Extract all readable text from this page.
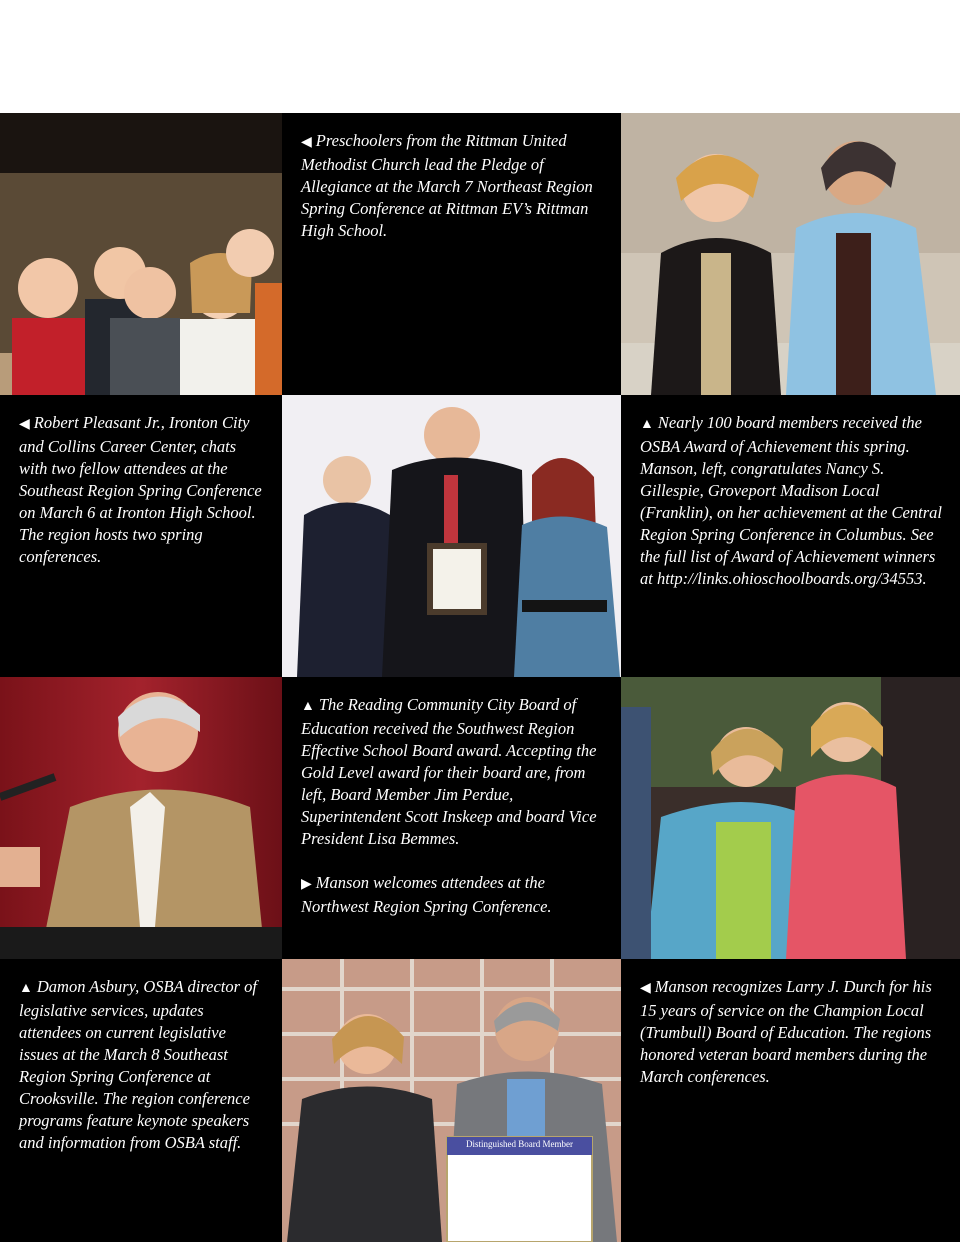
◀ Preschoolers from the Rittman United Methodist Church lead the Pledge of Allegiance at the March 7 Northeast Region Spring Conference at Rittman EV’s Rittman High School.

◀ Robert Pleasant Jr., Ironton City and Collins Career Center, chats with two fellow attendees at the Southeast Region Spring Conference on March 6 at Ironton High School. The region hosts two spring conferences.

▲ Nearly 100 board members received the OSBA Award of Achievement this spring. Manson, left, congratulates Nancy S. Gillespie, Groveport Madison Local (Franklin), on her achievement at the Central Region Spring Conference in Columbus. See the full list of Award of Achievement winners at http://links.ohioschoolboards.org/34553.

▲ The Reading Community City Board of Education received the Southwest Region Effective School Board award. Accepting the Gold Level award for their board are, from left, Board Member Jim Perdue, Superintendent Scott Inskeep and board Vice President Lisa Bemmes.

▶ Manson welcomes attendees at the Northwest Region Spring Conference.

▲ Damon Asbury, OSBA director of legislative services, updates attendees on current legislative issues at the March 8 Southeast Region Spring Conference at Crooksville. The region conference programs feature keynote speakers and information from OSBA staff.	Distinguished Board Member

◀ Manson recognizes Larry J. Durch for his 15 years of service on the Champion Local (Trumbull) Board of Education. The regions honored veteran board members during the March conferences.
